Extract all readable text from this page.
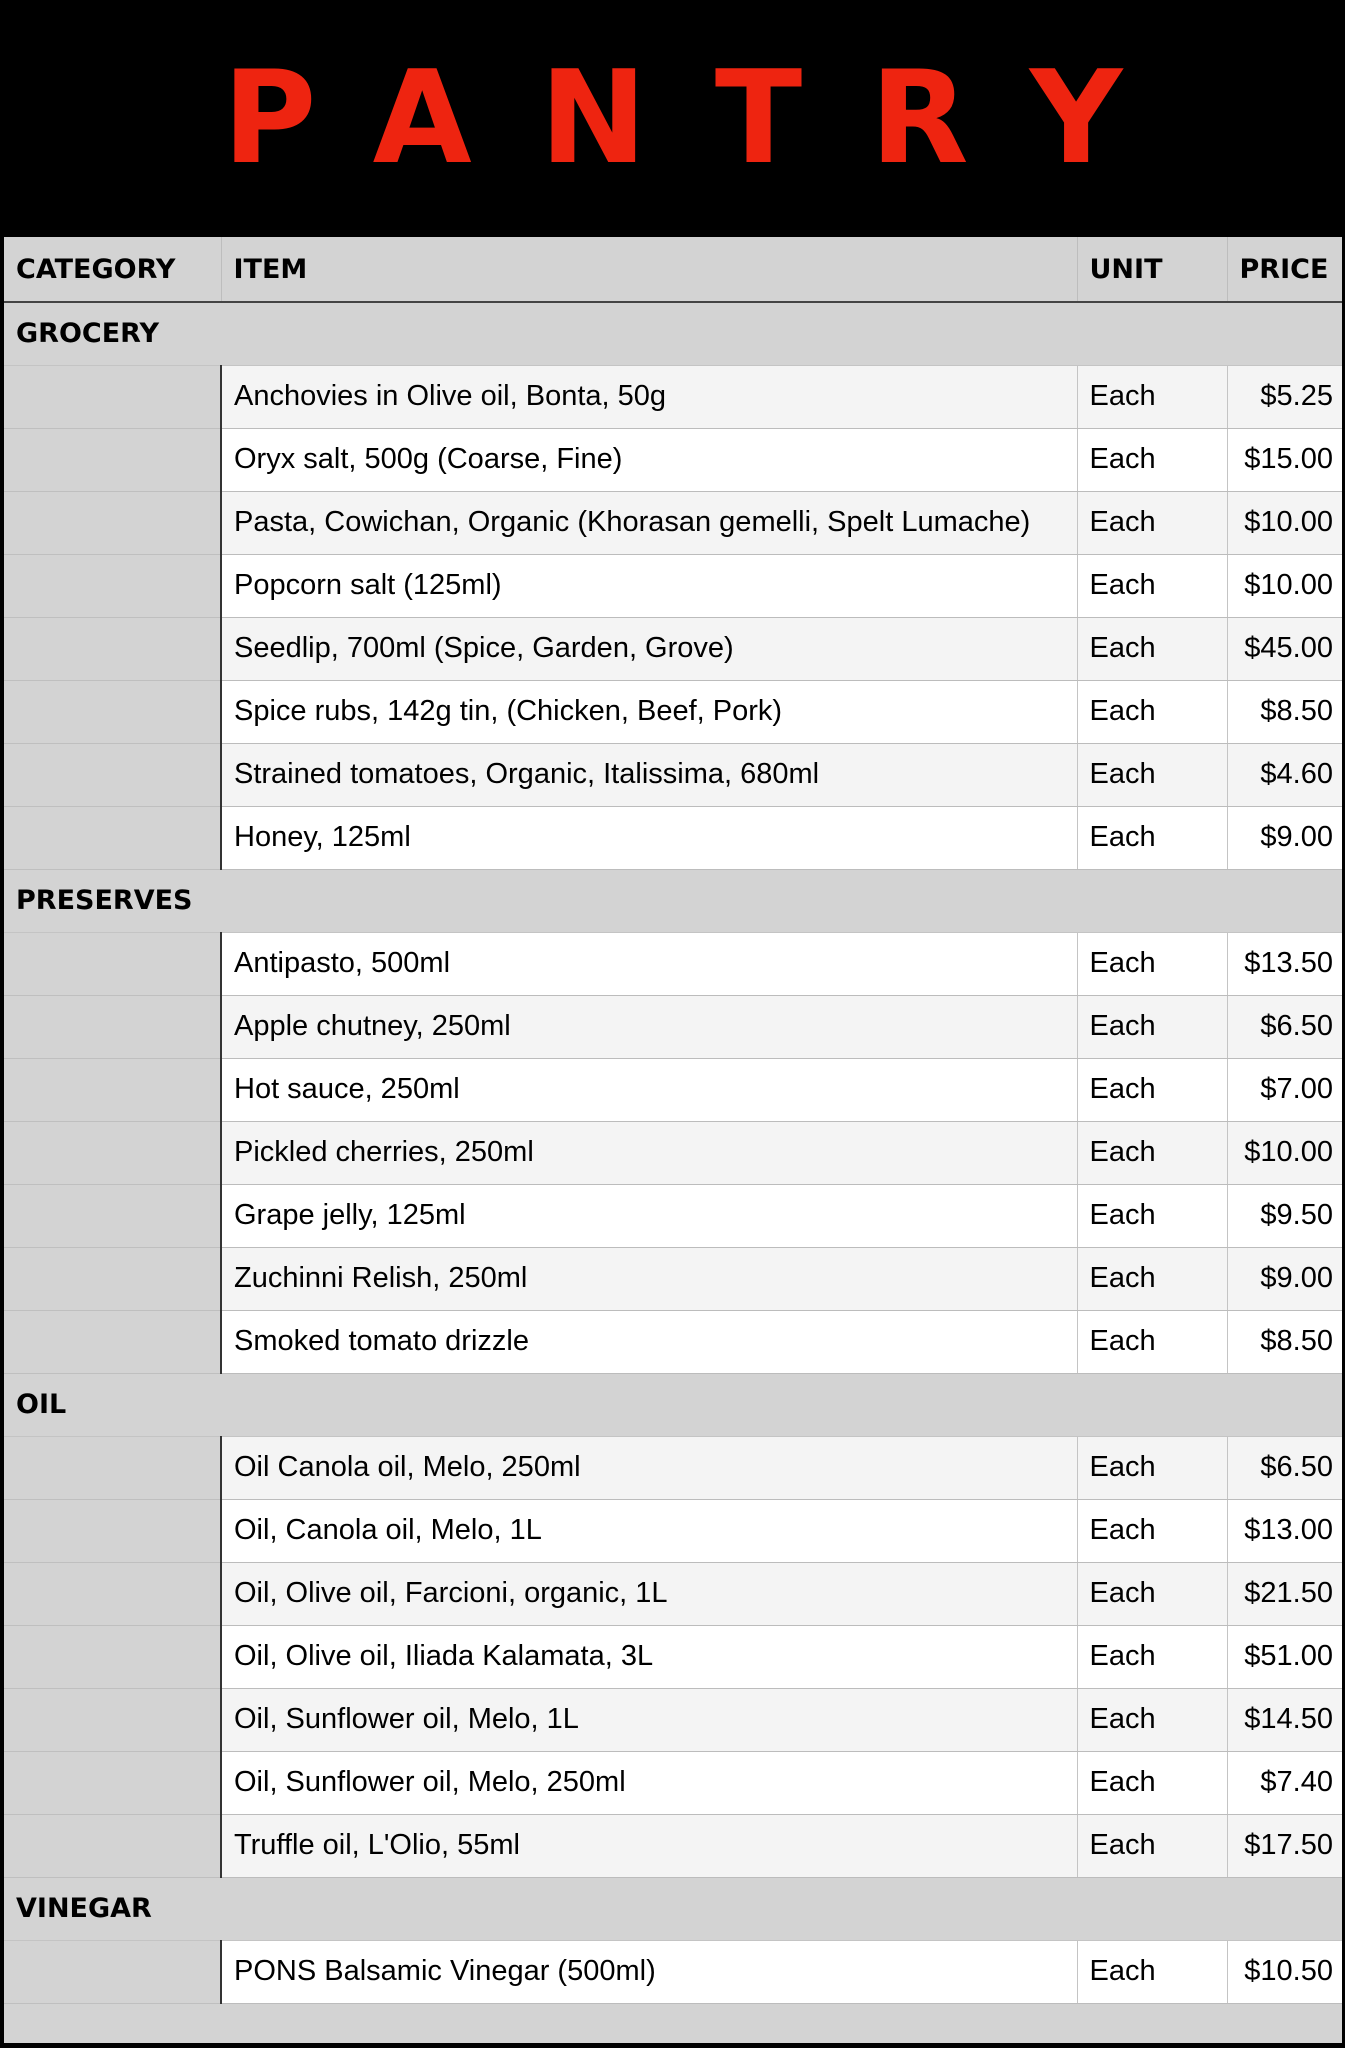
PANTRY
CATEGORY	ITEM	UNIT	PRICE
GROCERY			
	Anchovies in Olive oil, Bonta, 50g	Each	$5.25
	Oryx salt, 500g (Coarse, Fine)	Each	$15.00
	Pasta, Cowichan, Organic (Khorasan gemelli, Spelt Lumache)	Each	$10.00
	Popcorn salt (125ml)	Each	$10.00
	Seedlip, 700ml (Spice, Garden, Grove)	Each	$45.00
	Spice rubs, 142g tin, (Chicken, Beef, Pork)	Each	$8.50
	Strained tomatoes, Organic, Italissima, 680ml	Each	$4.60
	Honey, 125ml	Each	$9.00
PRESERVES			
	Antipasto, 500ml	Each	$13.50
	Apple chutney, 250ml	Each	$6.50
	Hot sauce, 250ml	Each	$7.00
	Pickled cherries, 250ml	Each	$10.00
	Grape jelly, 125ml	Each	$9.50
	Zuchinni Relish, 250ml	Each	$9.00
	Smoked tomato drizzle	Each	$8.50
OIL			
	Oil Canola oil, Melo, 250ml	Each	$6.50
	Oil, Canola oil, Melo, 1L	Each	$13.00
	Oil, Olive oil, Farcioni, organic, 1L	Each	$21.50
	Oil, Olive oil, Iliada Kalamata, 3L	Each	$51.00
	Oil, Sunflower oil, Melo, 1L	Each	$14.50
	Oil, Sunflower oil, Melo, 250ml	Each	$7.40
	Truffle oil, L'Olio, 55ml	Each	$17.50
VINEGAR			
	PONS Balsamic Vinegar (500ml)	Each	$10.50
